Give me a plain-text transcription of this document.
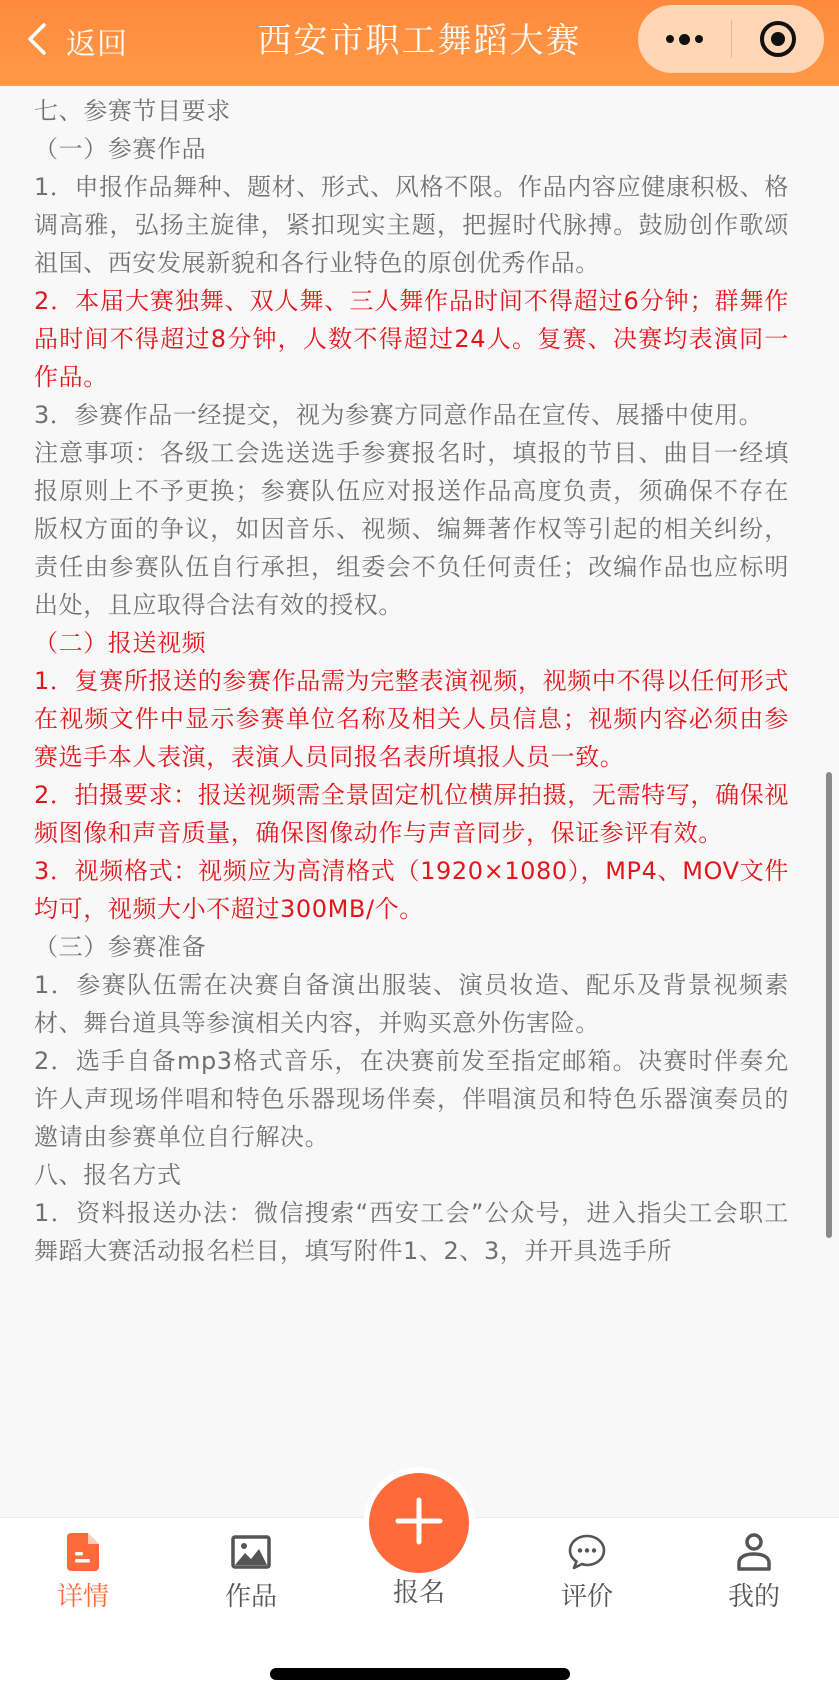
返回	西安市职工舞蹈大赛

七、参赛节目要求

（一）参赛作品

1．申报作品舞种、题材、形式、风格不限。作品内容应健康积极、格调高雅，弘扬主旋律，紧扣现实主题，把握时代脉搏。鼓励创作歌颂祖国、西安发展新貌和各行业特色的原创优秀作品。

2．本届大赛独舞、双人舞、三人舞作品时间不得超过6分钟；群舞作品时间不得超过8分钟，人数不得超过24人。复赛、决赛均表演同一作品。

3．参赛作品一经提交，视为参赛方同意作品在宣传、展播中使用。

注意事项：各级工会选送选手参赛报名时，填报的节目、曲目一经填报原则上不予更换；参赛队伍应对报送作品高度负责，须确保不存在版权方面的争议，如因音乐、视频、编舞著作权等引起的相关纠纷，责任由参赛队伍自行承担，组委会不负任何责任；改编作品也应标明出处，且应取得合法有效的授权。

（二）报送视频

1．复赛所报送的参赛作品需为完整表演视频，视频中不得以任何形式在视频文件中显示参赛单位名称及相关人员信息；视频内容必须由参赛选手本人表演，表演人员同报名表所填报人员一致。

2．拍摄要求：报送视频需全景固定机位横屏拍摄，无需特写，确保视频图像和声音质量，确保图像动作与声音同步，保证参评有效。

3．视频格式：视频应为高清格式（1920×1080），MP4、MOV文件均可，视频大小不超过300MB/个。

（三）参赛准备

1．参赛队伍需在决赛自备演出服装、演员妆造、配乐及背景视频素材、舞台道具等参演相关内容，并购买意外伤害险。

2．选手自备mp3格式音乐，在决赛前发至指定邮箱。决赛时伴奏允许人声现场伴唱和特色乐器现场伴奏，伴唱演员和特色乐器演奏员的邀请由参赛单位自行解决。

八、报名方式

1．资料报送办法：微信搜索“西安工会”公众号，进入指尖工会职工舞蹈大赛活动报名栏目，填写附件1、2、3，并开具选手所

详情	作品	评价	我的
报名
